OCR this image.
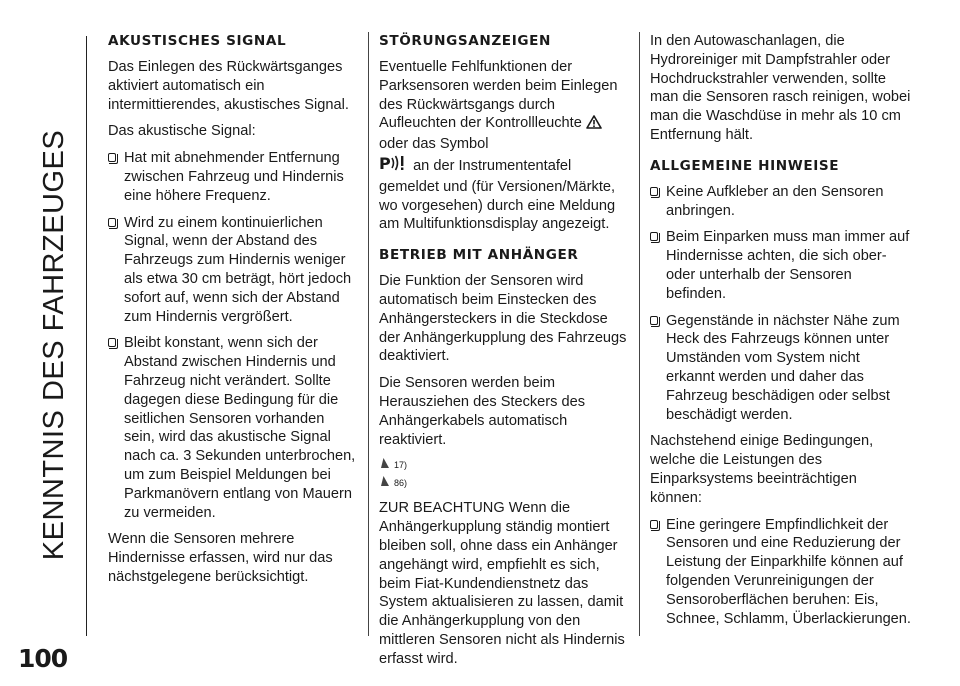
KENNTNIS DES FAHRZEUGES
100
AKUSTISCHES SIGNAL

Das Einlegen des Rückwärtsganges aktiviert automatisch ein intermittierendes, akustisches Signal.

Das akustische Signal:

Hat mit abnehmender Entfernung zwischen Fahrzeug und Hindernis eine höhere Frequenz.
Wird zu einem kontinuierlichen Signal, wenn der Abstand des Fahrzeugs zum Hindernis weniger als etwa 30 cm beträgt, hört jedoch sofort auf, wenn sich der Abstand zum Hindernis vergrößert.
Bleibt konstant, wenn sich der Abstand zwischen Hindernis und Fahrzeug nicht verändert. Sollte dagegen diese Bedingung für die seitlichen Sensoren vorhanden sein, wird das akustische Signal nach ca. 3 Sekunden unterbrochen, um zum Beispiel Meldungen bei Parkmanövern entlang von Mauern zu vermeiden.

Wenn die Sensoren mehrere Hindernisse erfassen, wird nur das nächstgelegene berücksichtigt.

STÖRUNGSANZEIGEN

Eventuelle Fehlfunktionen der Parksensoren werden beim Einlegen des Rückwärtsgangs durch Aufleuchten der Kontrollleuchte  oder das Symbol

P an der Instrumententafel gemeldet und (für Versionen/Märkte, wo vorgesehen) durch eine Meldung am Multifunktionsdisplay angezeigt.

BETRIEB MIT ANHÄNGER

Die Funktion der Sensoren wird automatisch beim Einstecken des Anhängersteckers in die Steckdose der Anhängerkupplung des Fahrzeugs deaktiviert.

Die Sensoren werden beim Herausziehen des Steckers des Anhängerkabels automatisch reaktiviert.

17)
86)

ZUR BEACHTUNG Wenn die Anhängerkupplung ständig montiert bleiben soll, ohne dass ein Anhänger angehängt wird, empfiehlt es sich, beim Fiat-Kundendienstnetz das System aktualisieren zu lassen, damit die Anhängerkupplung von den mittleren Sensoren nicht als Hindernis erfasst wird.

In den Autowaschanlagen, die Hydroreiniger mit Dampfstrahler oder Hochdruckstrahler verwenden, sollte man die Sensoren rasch reinigen, wobei man die Waschdüse in mehr als 10 cm Entfernung hält.

ALLGEMEINE HINWEISE
Keine Aufkleber an den Sensoren anbringen.
Beim Einparken muss man immer auf Hindernisse achten, die sich ober- oder unterhalb der Sensoren befinden.
Gegenstände in nächster Nähe zum Heck des Fahrzeugs können unter Umständen vom System nicht erkannt werden und daher das Fahrzeug beschädigen oder selbst beschädigt werden.

Nachstehend einige Bedingungen, welche die Leistungen des Einparksystems beeinträchtigen können:

Eine geringere Empfindlichkeit der Sensoren und eine Reduzierung der Leistung der Einparkhilfe können auf folgenden Verunreinigungen der Sensoroberflächen beruhen: Eis, Schnee, Schlamm, Überlackierungen.
